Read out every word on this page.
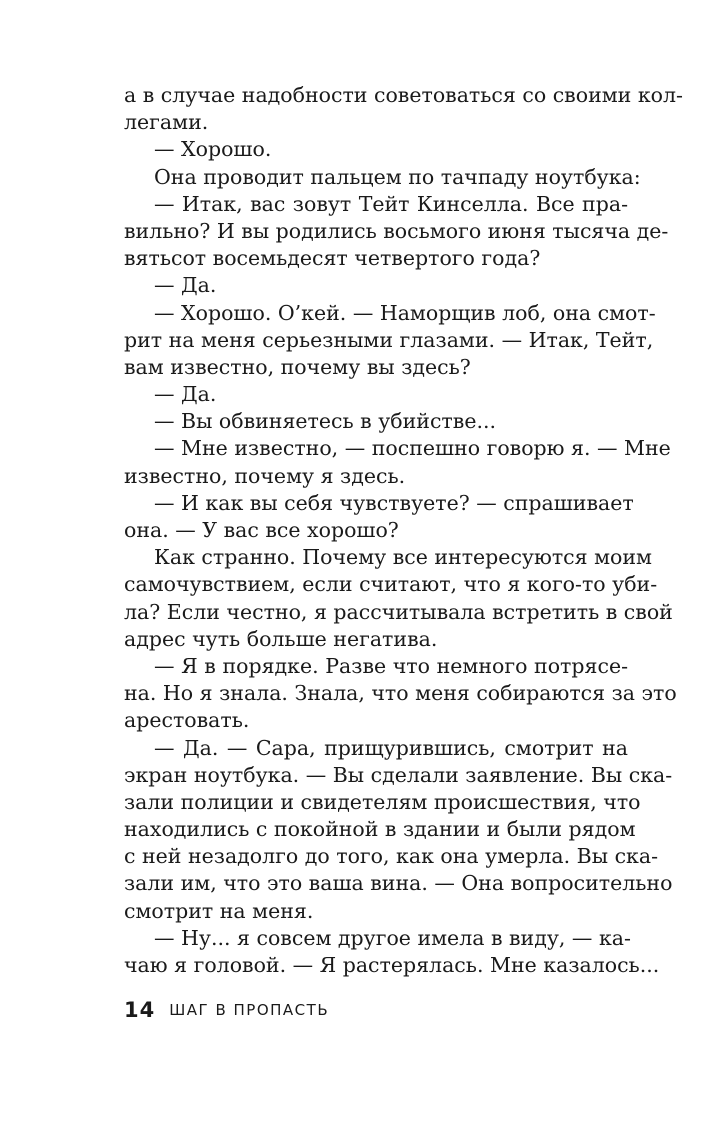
а в случае надобности советоваться со своими кол-
легами.
— Хорошо.
Она проводит пальцем по тачпаду ноутбука:
— Итак, вас зовут Тейт Кинселла. Все пра-
вильно? И вы родились восьмого июня тысяча де-
вятьсот восемьдесят четвертого года?
— Да.
— Хорошо. О’кей. — Наморщив лоб, она смот-
рит на меня серьезными глазами. — Итак, Тейт,
вам известно, почему вы здесь?
— Да.
— Вы обвиняетесь в убийстве...
— Мне известно, — поспешно говорю я. — Мне
известно, почему я здесь.
— И как вы себя чувствуете? — спрашивает
она. — У вас все хорошо?
Как странно. Почему все интересуются моим
самочувствием, если считают, что я кого-то уби-
ла? Если честно, я рассчитывала встретить в свой
адрес чуть больше негатива.
— Я в порядке. Разве что немного потрясе-
на. Но я знала. Знала, что меня собираются за это
арестовать.
— Да. — Сара, прищурившись, смотрит на
экран ноутбука. — Вы сделали заявление. Вы ска-
зали полиции и свидетелям происшествия, что
находились с покойной в здании и были рядом
с ней незадолго до того, как она умерла. Вы ска-
зали им, что это ваша вина. — Она вопросительно
смотрит на меня.
— Ну... я совсем другое имела в виду, — ка-
чаю я головой. — Я растерялась. Мне казалось...
14 ШАГ В ПРОПАСТЬ
